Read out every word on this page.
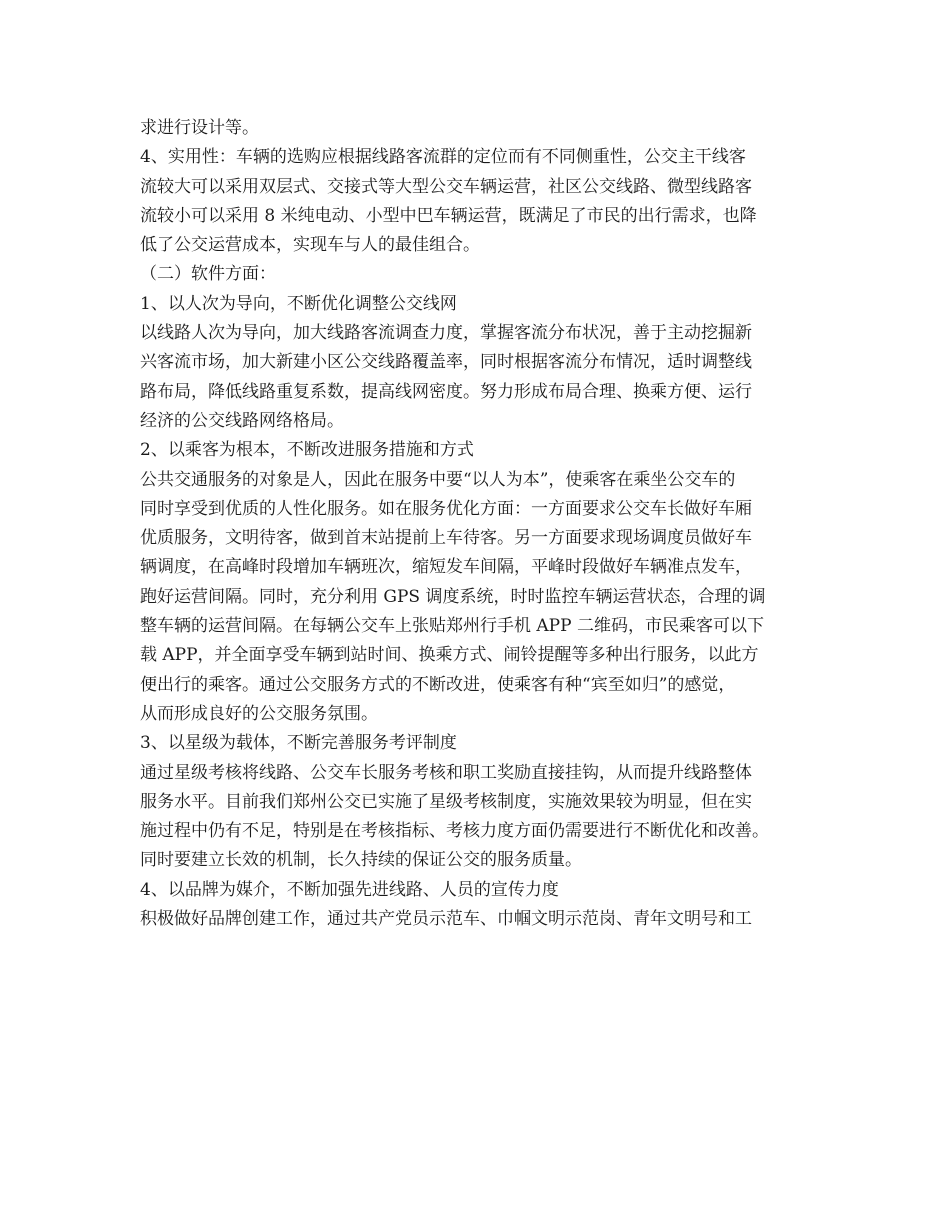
求进行设计等。
4、实用性：车辆的选购应根据线路客流群的定位而有不同侧重性，公交主干线客
流较大可以采用双层式、交接式等大型公交车辆运营，社区公交线路、微型线路客
流较小可以采用 8 米纯电动、小型中巴车辆运营，既满足了市民的出行需求，也降
低了公交运营成本，实现车与人的最佳组合。
（二）软件方面：
1、以人次为导向，不断优化调整公交线网
以线路人次为导向，加大线路客流调查力度，掌握客流分布状况，善于主动挖掘新
兴客流市场，加大新建小区公交线路覆盖率，同时根据客流分布情况，适时调整线
路布局，降低线路重复系数，提高线网密度。努力形成布局合理、换乘方便、运行
经济的公交线路网络格局。
2、以乘客为根本，不断改进服务措施和方式
公共交通服务的对象是人，因此在服务中要“以人为本”，使乘客在乘坐公交车的
同时享受到优质的人性化服务。如在服务优化方面：一方面要求公交车长做好车厢
优质服务，文明待客，做到首末站提前上车待客。另一方面要求现场调度员做好车
辆调度，在高峰时段增加车辆班次，缩短发车间隔，平峰时段做好车辆准点发车，
跑好运营间隔。同时，充分利用 GPS 调度系统，时时监控车辆运营状态，合理的调
整车辆的运营间隔。在每辆公交车上张贴郑州行手机 APP 二维码，市民乘客可以下
载 APP，并全面享受车辆到站时间、换乘方式、闹铃提醒等多种出行服务，以此方
便出行的乘客。通过公交服务方式的不断改进，使乘客有种“宾至如归”的感觉，
从而形成良好的公交服务氛围。
3、以星级为载体，不断完善服务考评制度
通过星级考核将线路、公交车长服务考核和职工奖励直接挂钩，从而提升线路整体
服务水平。目前我们郑州公交已实施了星级考核制度，实施效果较为明显，但在实
施过程中仍有不足，特别是在考核指标、考核力度方面仍需要进行不断优化和改善。
同时要建立长效的机制，长久持续的保证公交的服务质量。
4、以品牌为媒介，不断加强先进线路、人员的宣传力度
积极做好品牌创建工作，通过共产党员示范车、巾帼文明示范岗、青年文明号和工
